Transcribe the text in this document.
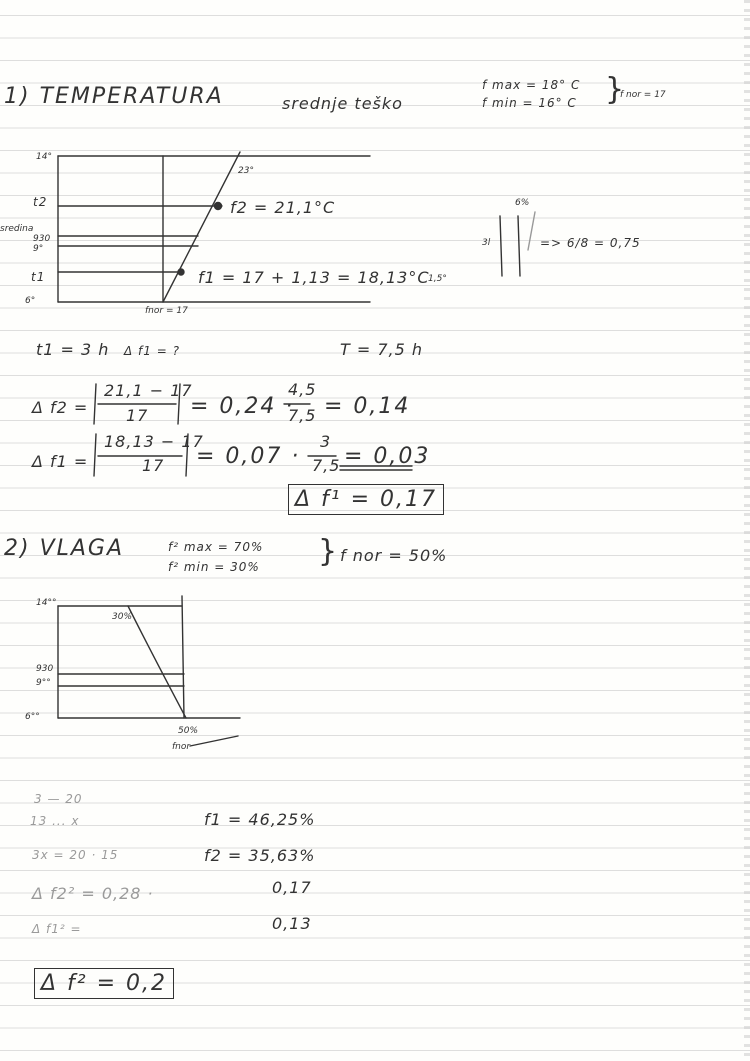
1) TEMPERATURA	srednje teško
f max = 18° C
f min = 16° C }
f nor = 17
14°
t2
sredina
930
9°
t1
6°
23°
f2 = 21,1°C
f1 = 17 + 1,13 = 18,13°C
1,5°
fnor = 17
6%
3l	=> 6/8 = 0,75
t1 = 3 h Δ f1 = ?	T = 7,5 h
Δ f2 =
21,1 − 17
17 = 0,24 ·
4,5
7,5 = 0,14
Δ f1 =
18,13 − 17
17 = 0,07 ·
3
7,5 = 0,03
Δ f¹ = 0,17
2) VLAGA	f² max = 70%
f² min = 30% } f nor = 50%
14°°
930
9°°
6°°
30%
50%
fnor
3 — 20
13 ... x
3x = 20 · 15
f1 = 46,25%
f2 = 35,63%
Δ f2² = 0,28 ·	0,17
Δ f1² =	0,13
Δ f² = 0,2
